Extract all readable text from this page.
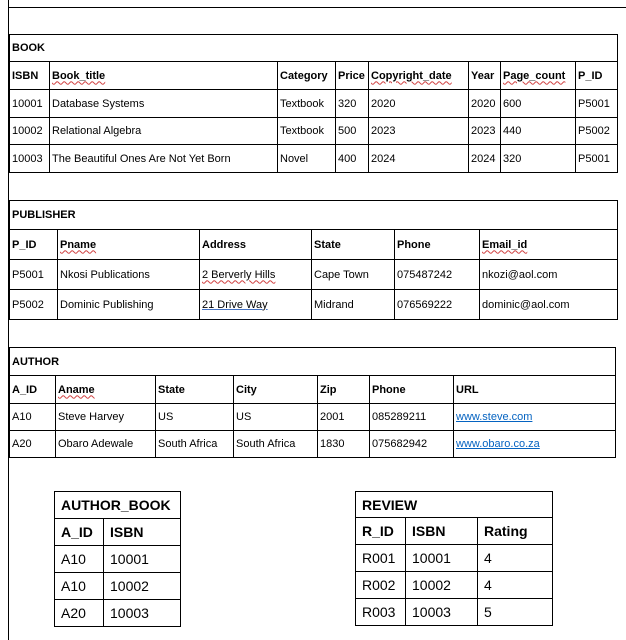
BOOK							
ISBN	Book_title	Category	Price	Copyright_date	Year	Page_count	P_ID
10001	Database Systems	Textbook	320	2020	2020	600	P5001
10002	Relational Algebra	Textbook	500	2023	2023	440	P5002
10003	The Beautiful Ones Are Not Yet Born	Novel	400	2024	2024	320	P5001
PUBLISHER					
P_ID	Pname	Address	State	Phone	Email_id
P5001	Nkosi Publications	2 Berverly Hills	Cape Town	075487242	nkozi@aol.com
P5002	Dominic Publishing	21 Drive Way	Midrand	076569222	dominic@aol.com
AUTHOR						
A_ID	Aname	State	City	Zip	Phone	URL
A10	Steve Harvey	US	US	2001	085289211	www.steve.com
A20	Obaro Adewale	South Africa	South Africa	1830	075682942	www.obaro.co.za
AUTHOR_BOOK	
A_ID	ISBN
A10	10001
A10	10002
A20	10003
REVIEW		
R_ID	ISBN	Rating
R001	10001	4
R002	10002	4
R003	10003	5
